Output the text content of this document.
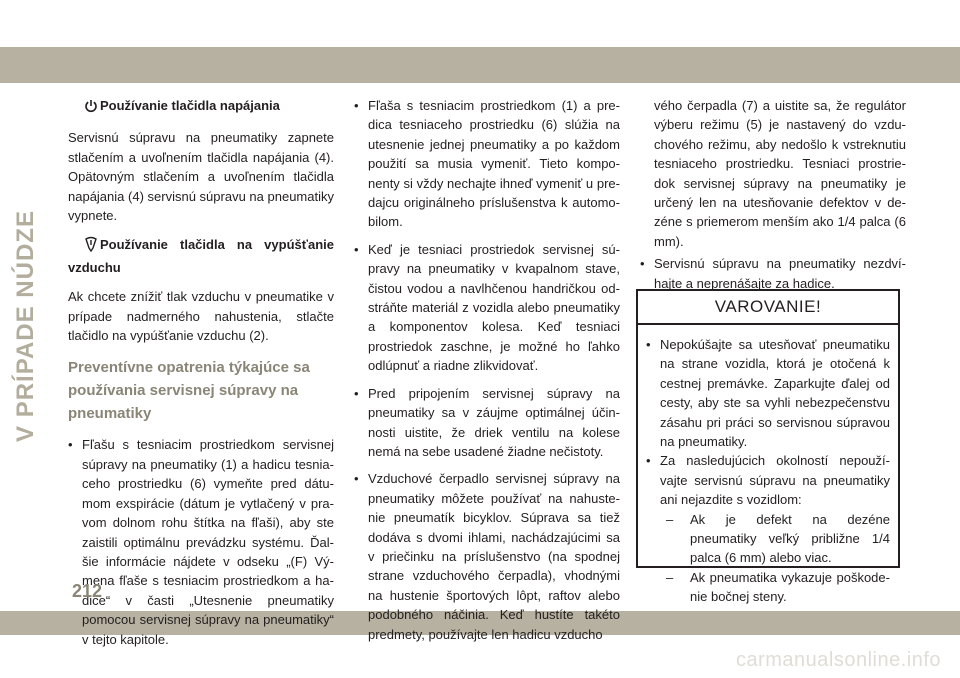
V PRÍPADE NÚDZE

Používanie tlačidla napájania

Servisnú súpravu na pneumatiky zapnete stlačením a uvoľnením tlačidla napájania (4). Opätovným stlačením a uvoľnením tlačidla napájania (4) servisnú súpravu na pneumatiky vypnete.

Používanie tlačidla na vypúšťanie vzduchu

Ak chcete znížiť tlak vzduchu v pneumatike v prípade nadmerného nahustenia, stlačte tlačidlo na vypúšťanie vzduchu (2).

Preventívne opatrenia týkajúce sa používania servisnej súpravy na pneumatiky

• Fľašu s tesniacim prostriedkom servisnej súpravy na pneumatiky (1) a hadicu tesniaceho prostriedku (6) vymeňte pred dátumom exspirácie (dátum je vytlačený v pravom dolnom rohu štítka na fľaši), aby ste zaistili optimálnu prevádzku systému. Ďalšie informácie nájdete v odseku „(F) Výmena fľaše s tesniacim prostriedkom a hadice“ v časti „Utesnenie pneumatiky pomocou servisnej súpravy na pneumatiky“ v tejto kapitole.
• Fľaša s tesniacim prostriedkom (1) a predica tesniaceho prostriedku (6) slúžia na utesnenie jednej pneumatiky a po každom použití sa musia vymeniť. Tieto komponenty si vždy nechajte ihneď vymeniť u predajcu originálneho príslušenstva k automobilom.
• Keď je tesniaci prostriedok servisnej súpravy na pneumatiky v kvapalnom stave, čistou vodou a navlhčenou handričkou odstráňte materiál z vozidla alebo pneumatiky a komponentov kolesa. Keď tesniaci prostriedok zaschne, je možné ho ľahko odlúpnuť a riadne zlikvidovať.
• Pred pripojením servisnej súpravy na pneumatiky sa v záujme optimálnej účinnosti uistite, že driek ventilu na kolese nemá na sebe usadené žiadne nečistoty.
• Vzduchové čerpadlo servisnej súpravy na pneumatiky môžete používať na nahustenie pneumatík bicyklov. Súprava sa tiež dodáva s dvomi ihlami, nachádzajúcimi sa v priečinku na príslušenstvo (na spodnej strane vzduchového čerpadla), vhodnými na hustenie športových lôpt, raftov alebo podobného náčinia. Keď hustíte takéto predmety, používajte len hadicu vzducho

vého čerpadla (7) a uistite sa, že regulátor výberu režimu (5) je nastavený do vzduchového režimu, aby nedošlo k vstreknutiu tesniaceho prostriedku. Tesniaci prostriedok servisnej súpravy na pneumatiky je určený len na utesňovanie defektov v dezéne s priemerom menším ako 1/4 palca (6 mm).

• Servisnú súpravu na pneumatiky nezdvíhajte a neprenášajte za hadice.
VAROVANIE!
• Nepokúšajte sa utesňovať pneumatiku na strane vozidla, ktorá je otočená k cestnej premávke. Zaparkujte ďalej od cesty, aby ste sa vyhli nebezpečenstvu zásahu pri práci so servisnou súpravou na pneumatiky.
• Za nasledujúcich okolností nepoužívajte servisnú súpravu na pneumatiky ani nejazdite s vozidlom:
– Ak je defekt na dezéne pneumatiky veľký približne 1/4 palca (6 mm) alebo viac.
– Ak pneumatika vykazuje poškodenie bočnej steny.
212
carmanualsonline.info
